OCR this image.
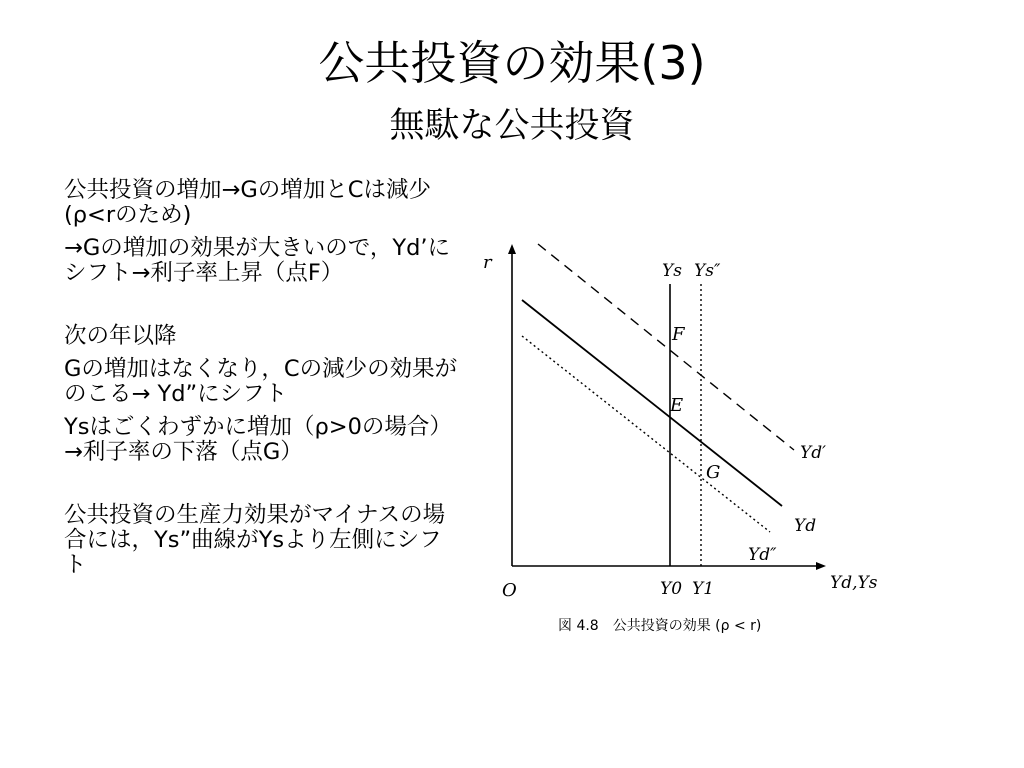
公共投資の効果(3)
無駄な公共投資

公共投資の増加→Gの増加とCは減少(ρ<rのため)

→Gの増加の効果が大きいので，Yd’にシフト→利子率上昇（点F）

次の年以降

Gの増加はなくなり，Cの減少の効果がのこる→ Yd”にシフト

Ysはごくわずかに増加（ρ>0の場合）→利子率の下落（点G）

公共投資の生産力効果がマイナスの場合には，Ys”曲線がYsより左側にシフト

r
O	Yd,Ys
Ys Ys″
F
E
G
Yd′
Yd
Yd″
Y0 Y1
図 4.8　公共投資の効果 (ρ < r)
